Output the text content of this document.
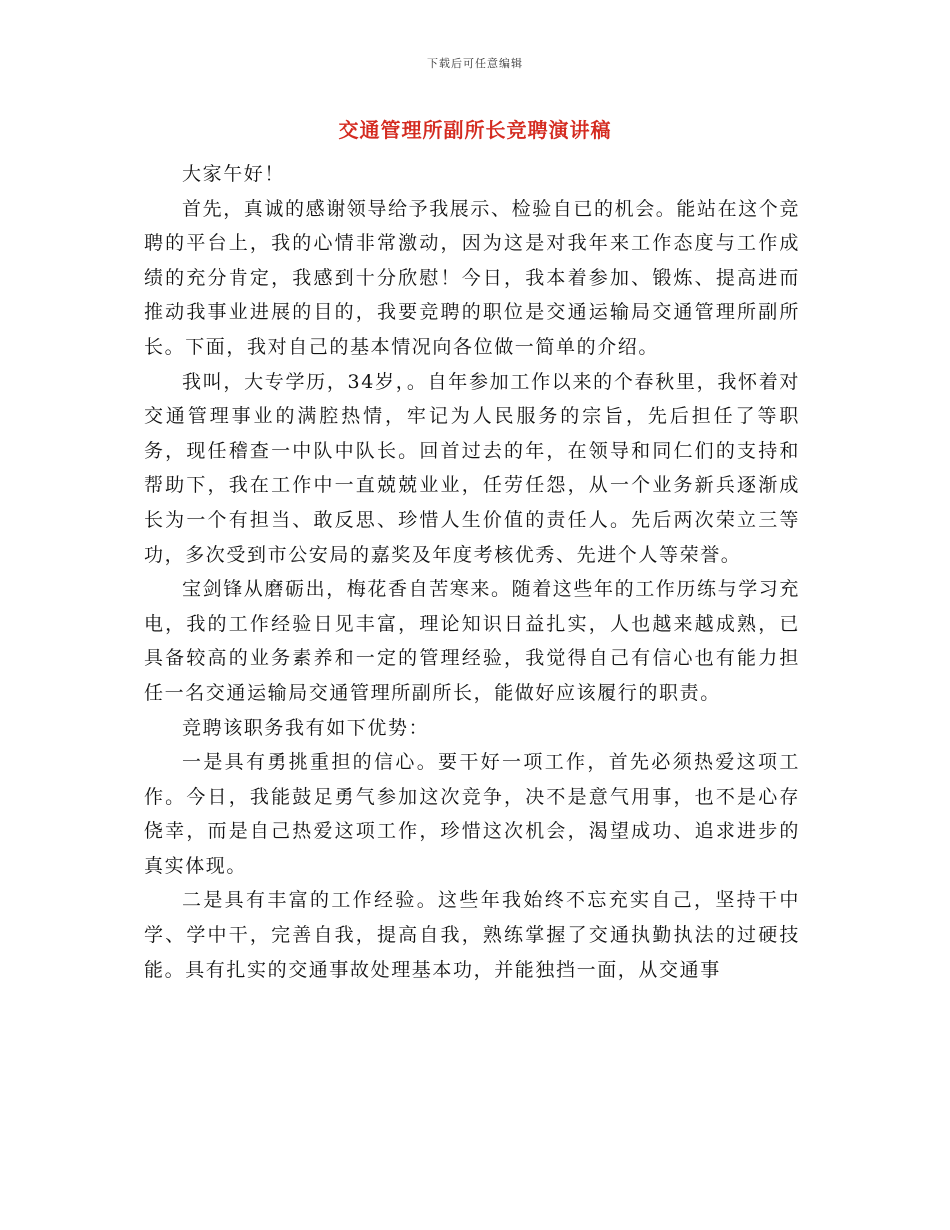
下载后可任意编辑
交通管理所副所长竞聘演讲稿

大家午好！

首先，真诚的感谢领导给予我展示、检验自已的机会。能站在这个竞聘的平台上，我的心情非常激动，因为这是对我年来工作态度与工作成绩的充分肯定，我感到十分欣慰！今日，我本着参加、锻炼、提高进而推动我事业进展的目的，我要竞聘的职位是交通运输局交通管理所副所长。下面，我对自己的基本情况向各位做一简单的介绍。

我叫，大专学历，34岁，。自年参加工作以来的个春秋里，我怀着对交通管理事业的满腔热情，牢记为人民服务的宗旨，先后担任了等职务，现任稽查一中队中队长。回首过去的年，在领导和同仁们的支持和帮助下，我在工作中一直兢兢业业，任劳任怨，从一个业务新兵逐渐成长为一个有担当、敢反思、珍惜人生价值的责任人。先后两次荣立三等功，多次受到市公安局的嘉奖及年度考核优秀、先进个人等荣誉。

宝剑锋从磨砺出，梅花香自苦寒来。随着这些年的工作历练与学习充电，我的工作经验日见丰富，理论知识日益扎实，人也越来越成熟，已具备较高的业务素养和一定的管理经验，我觉得自己有信心也有能力担任一名交通运输局交通管理所副所长，能做好应该履行的职责。

竞聘该职务我有如下优势：

一是具有勇挑重担的信心。要干好一项工作，首先必须热爱这项工作。今日，我能鼓足勇气参加这次竞争，决不是意气用事，也不是心存侥幸，而是自己热爱这项工作，珍惜这次机会，渴望成功、追求进步的真实体现。

二是具有丰富的工作经验。这些年我始终不忘充实自己，坚持干中学、学中干，完善自我，提高自我，熟练掌握了交通执勤执法的过硬技能。具有扎实的交通事故处理基本功，并能独挡一面，从交通事
